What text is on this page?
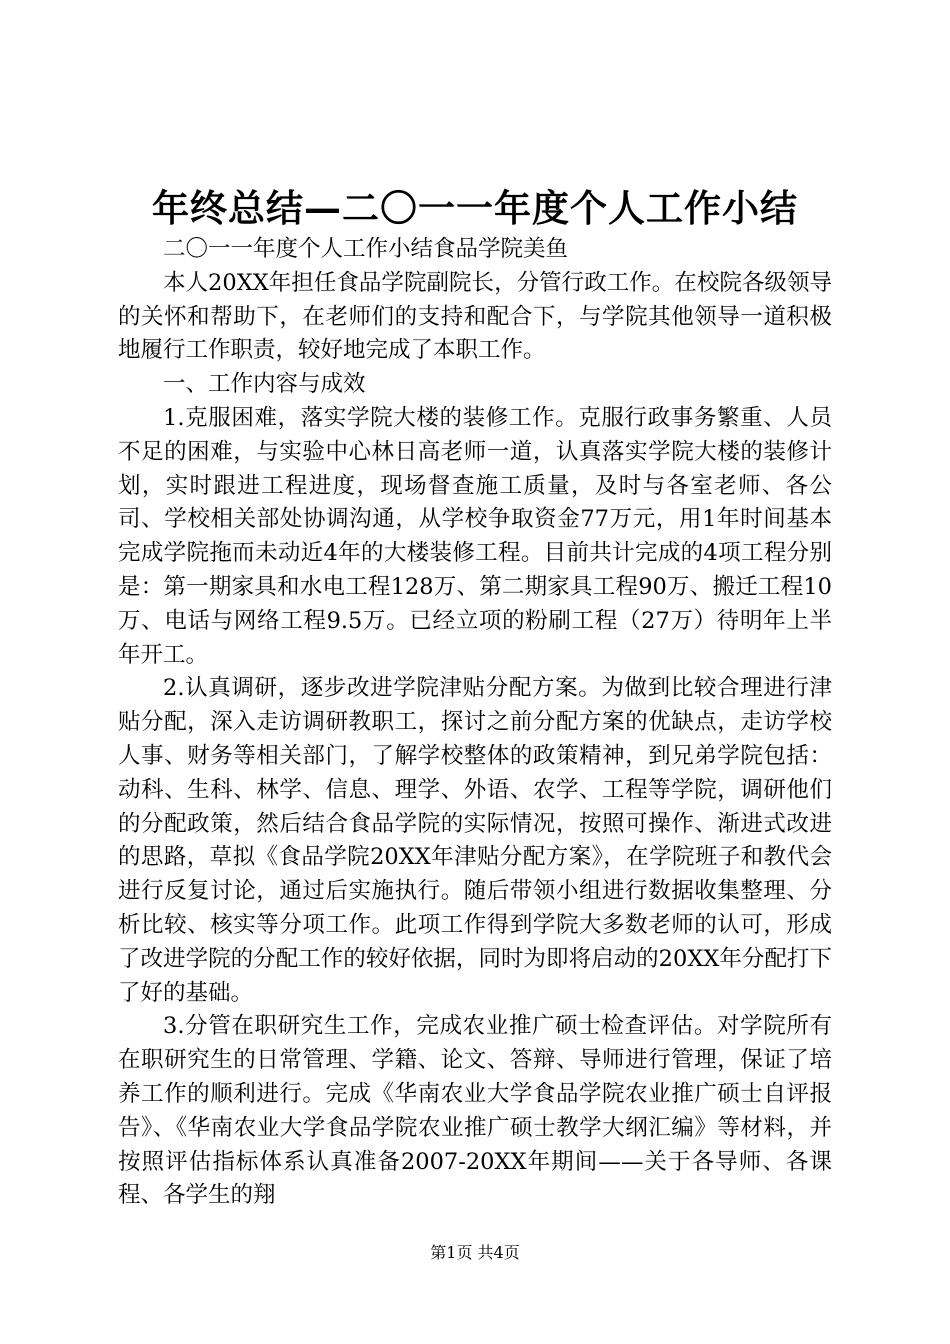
年终总结—二〇一一年度个人工作小结

二〇一一年度个人工作小结食品学院美鱼

本人20XX年担任食品学院副院长，分管行政工作。在校院各级领导的关怀和帮助下，在老师们的支持和配合下，与学院其他领导一道积极地履行工作职责，较好地完成了本职工作。

一、工作内容与成效

1.克服困难，落实学院大楼的装修工作。克服行政事务繁重、人员不足的困难，与实验中心林日高老师一道，认真落实学院大楼的装修计划，实时跟进工程进度，现场督查施工质量，及时与各室老师、各公司、学校相关部处协调沟通，从学校争取资金77万元，用1年时间基本完成学院拖而未动近4年的大楼装修工程。目前共计完成的4项工程分别是：第一期家具和水电工程128万、第二期家具工程90万、搬迁工程10万、电话与网络工程9.5万。已经立项的粉刷工程（27万）待明年上半年开工。

2.认真调研，逐步改进学院津贴分配方案。为做到比较合理进行津贴分配，深入走访调研教职工，探讨之前分配方案的优缺点，走访学校人事、财务等相关部门，了解学校整体的政策精神，到兄弟学院包括：动科、生科、林学、信息、理学、外语、农学、工程等学院，调研他们的分配政策，然后结合食品学院的实际情况，按照可操作、渐进式改进的思路，草拟《食品学院20XX年津贴分配方案》，在学院班子和教代会进行反复讨论，通过后实施执行。随后带领小组进行数据收集整理、分析比较、核实等分项工作。此项工作得到学院大多数老师的认可，形成了改进学院的分配工作的较好依据，同时为即将启动的20XX年分配打下了好的基础。

3.分管在职研究生工作，完成农业推广硕士检查评估。对学院所有在职研究生的日常管理、学籍、论文、答辩、导师进行管理，保证了培养工作的顺利进行。完成《华南农业大学食品学院农业推广硕士自评报告》、《华南农业大学食品学院农业推广硕士教学大纲汇编》等材料，并按照评估指标体系认真准备2007-20XX年期间——关于各导师、各课程、各学生的翔

第1页 共4页
